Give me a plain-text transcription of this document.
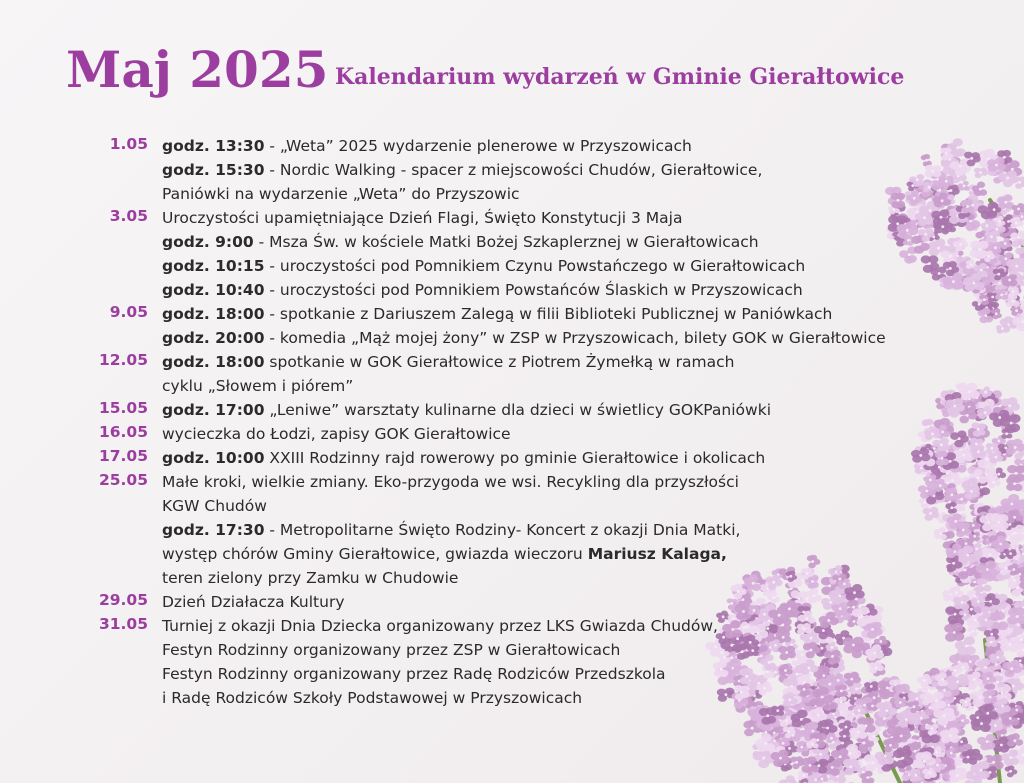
Maj 2025 Kalendarium wydarzeń w Gminie Gierałtowice
1.05 godz. 13:30 - „Weta” 2025 wydarzenie plenerowe w Przyszowicach
godz. 15:30 - Nordic Walking - spacer z miejscowości Chudów, Gierałtowice,
Paniówki na wydarzenie „Weta” do Przyszowic
3.05 Uroczystości upamiętniające Dzień Flagi, Święto Konstytucji 3 Maja
godz. 9:00 - Msza Św. w kościele Matki Bożej Szkaplerznej w Gierałtowicach
godz. 10:15 - uroczystości pod Pomnikiem Czynu Powstańczego w Gierałtowicach
godz. 10:40 - uroczystości pod Pomnikiem Powstańców Ślaskich w Przyszowicach
9.05 godz. 18:00 - spotkanie z Dariuszem Zalegą w filii Biblioteki Publicznej w Paniówkach
godz. 20:00 - komedia „Mąż mojej żony” w ZSP w Przyszowicach, bilety GOK w Gierałtowice
12.05 godz. 18:00 spotkanie w GOK Gierałtowice z Piotrem Żymełką w ramach
cyklu „Słowem i piórem”
15.05 godz. 17:00 „Leniwe” warsztaty kulinarne dla dzieci w świetlicy GOKPaniówki
16.05 wycieczka do Łodzi, zapisy GOK Gierałtowice
17.05 godz. 10:00 XXIII Rodzinny rajd rowerowy po gminie Gierałtowice i okolicach
25.05 Małe kroki, wielkie zmiany. Eko-przygoda we wsi. Recykling dla przyszłości
KGW Chudów
godz. 17:30 - Metropolitarne Święto Rodziny- Koncert z okazji Dnia Matki,
występ chórów Gminy Gierałtowice, gwiazda wieczoru Mariusz Kalaga,
teren zielony przy Zamku w Chudowie
29.05 Dzień Działacza Kultury
31.05 Turniej z okazji Dnia Dziecka organizowany przez LKS Gwiazda Chudów,
Festyn Rodzinny organizowany przez ZSP w Gierałtowicach
Festyn Rodzinny organizowany przez Radę Rodziców Przedszkola
i Radę Rodziców Szkoły Podstawowej w Przyszowicach
